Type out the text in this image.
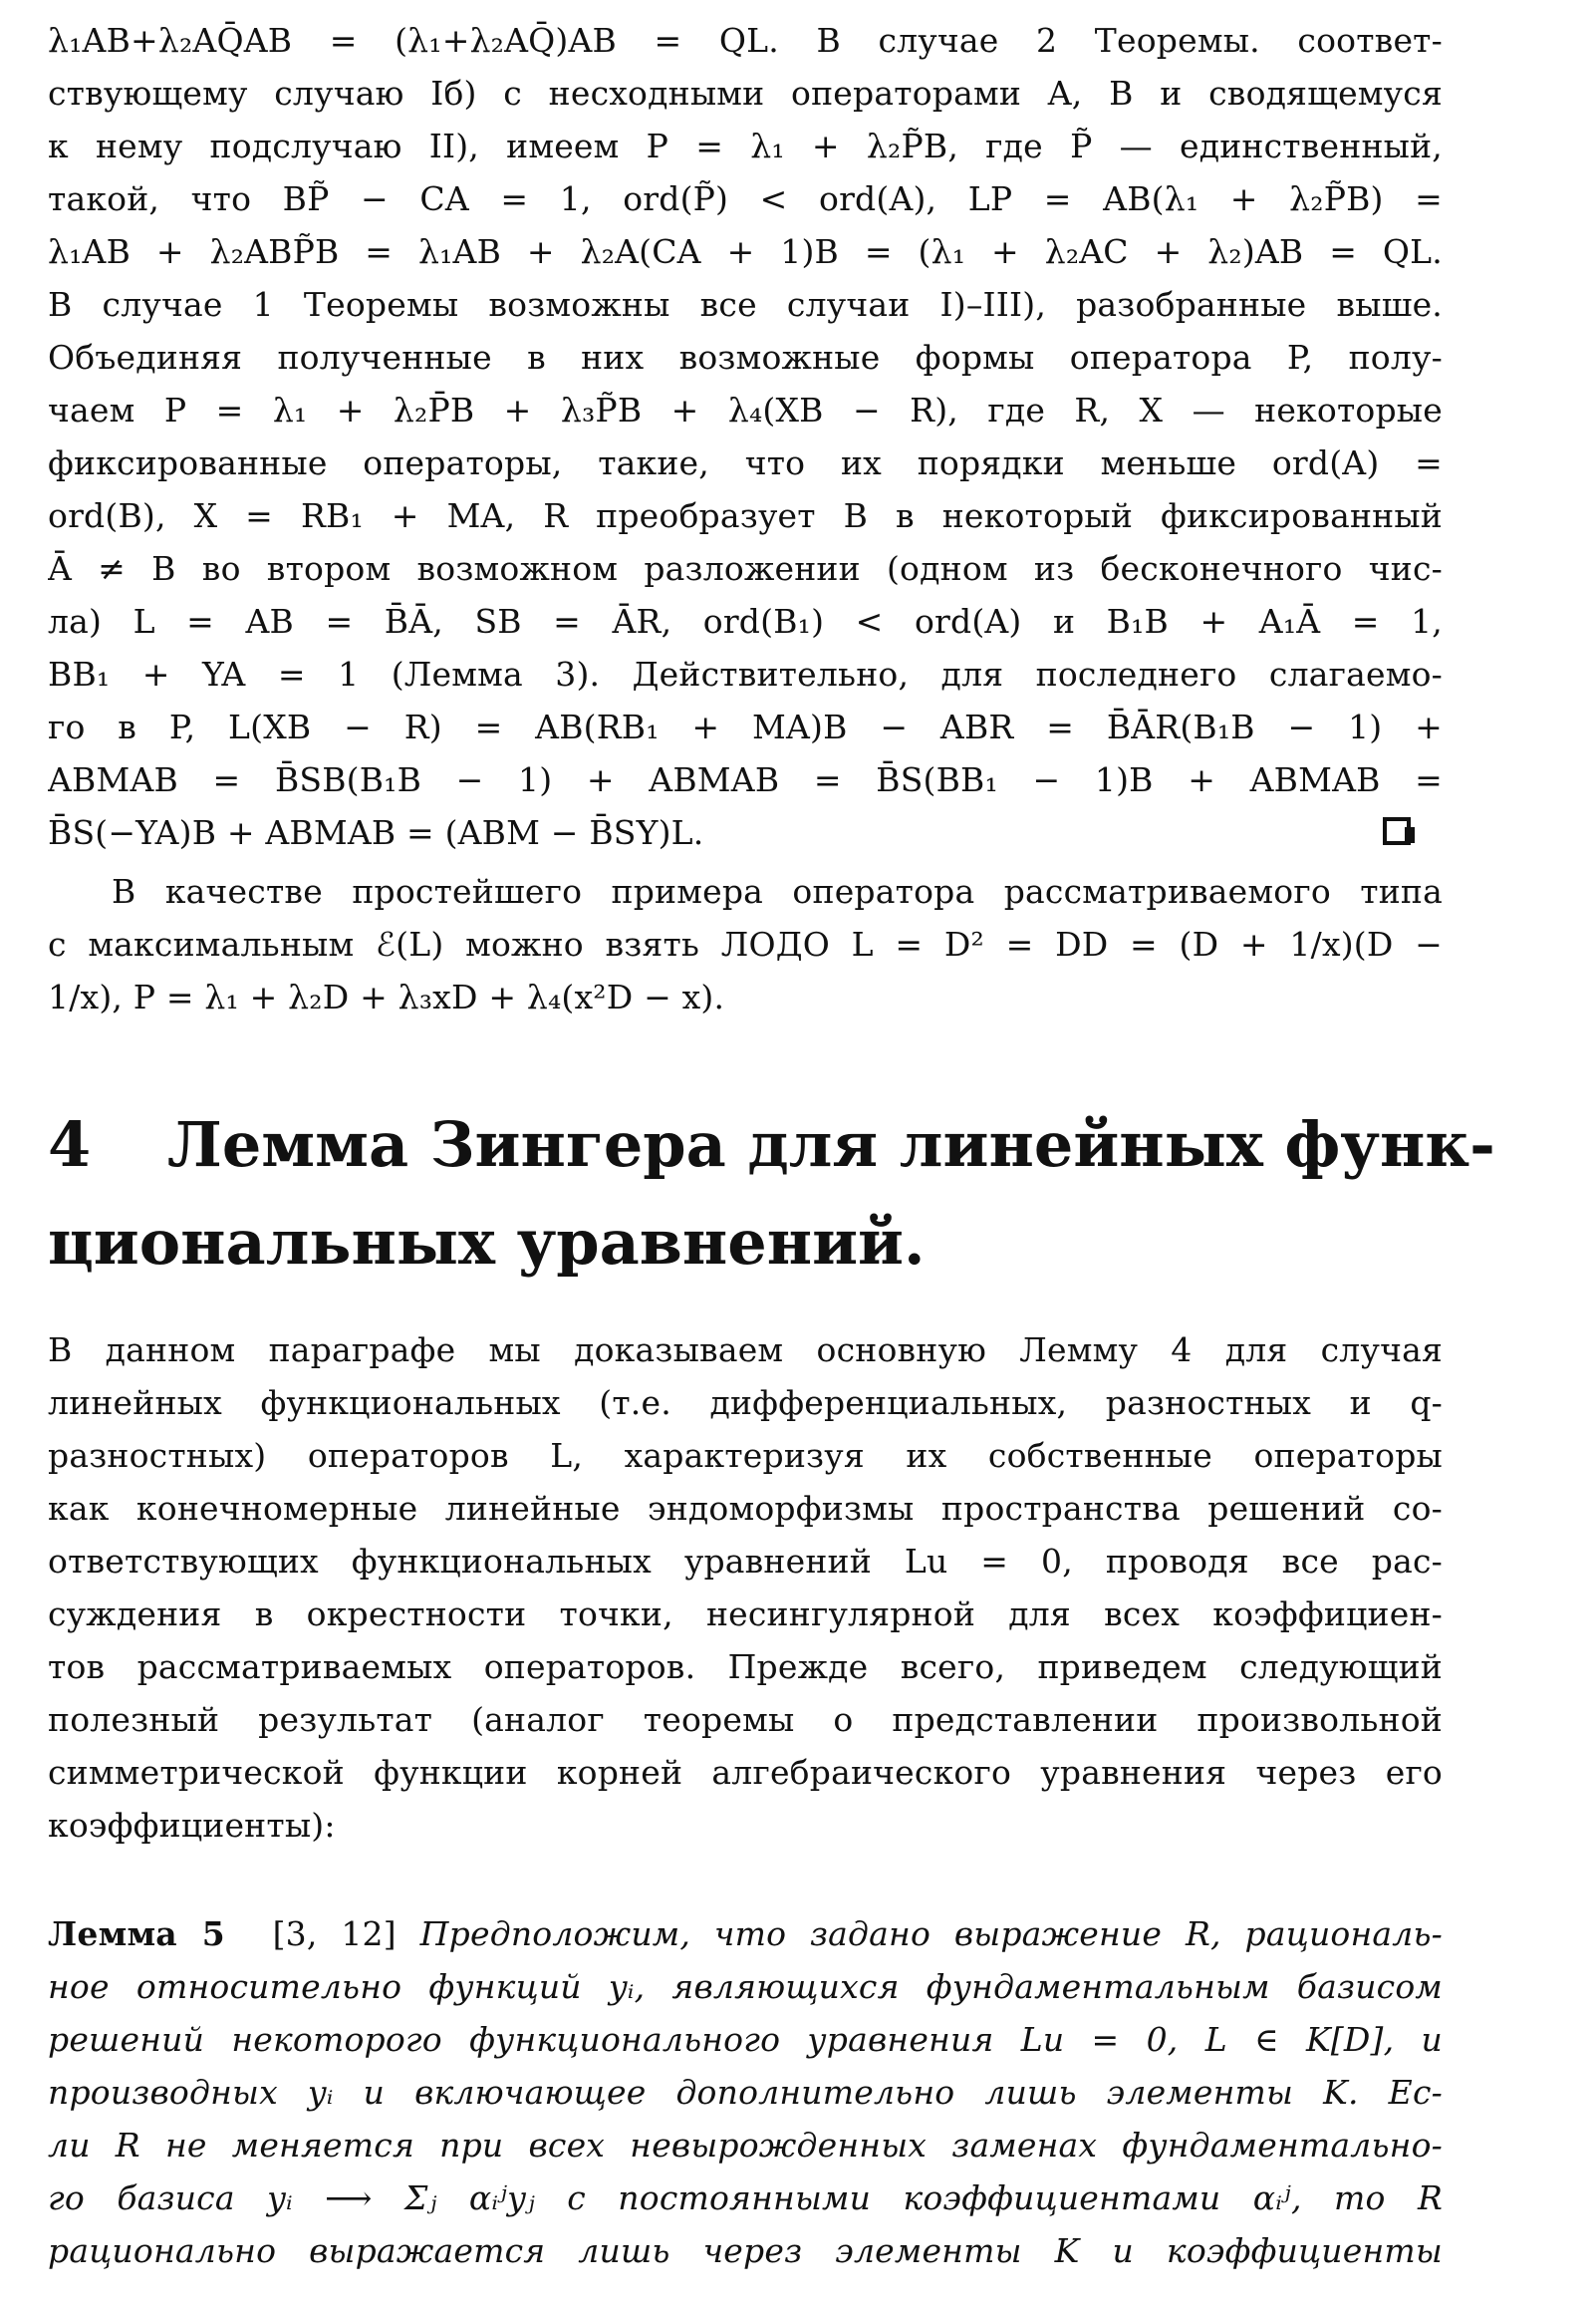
λ₁AB+λ₂AQ̄AB = (λ₁+λ₂AQ̄)AB = QL. В случае 2 Теоремы. соответ-
ствующему случаю Iб) с несходными операторами A, B и сводящемуся
к нему подслучаю II), имеем P = λ₁ + λ₂P̃B, где P̃ — единственный,
такой, что BP̃ − CA = 1, ord(P̃) < ord(A), LP = AB(λ₁ + λ₂P̃B) =
λ₁AB + λ₂ABP̃B = λ₁AB + λ₂A(CA + 1)B = (λ₁ + λ₂AC + λ₂)AB = QL.
В случае 1 Теоремы возможны все случаи I)–III), разобранные выше.
Объединяя полученные в них возможные формы оператора P, полу-
чаем P = λ₁ + λ₂P̄B + λ₃P̃B + λ₄(XB − R), где R, X — некоторые
фиксированные операторы, такие, что их порядки меньше ord(A) =
ord(B), X = RB₁ + MA, R преобразует B в некоторый фиксированный
Ā ≠ B во втором возможном разложении (одном из бесконечного чис-
ла) L = AB = B̄Ā, SB = ĀR, ord(B₁) < ord(A) и B₁B + A₁Ā = 1,
BB₁ + YA = 1 (Лемма 3). Действительно, для последнего слагаемо-
го в P, L(XB − R) = AB(RB₁ + MA)B − ABR = B̄ĀR(B₁B − 1) +
ABMAB = B̄SB(B₁B − 1) + ABMAB = B̄S(BB₁ − 1)B + ABMAB =
B̄S(−YA)B + ABMAB = (ABM − B̄SY)L.
В качестве простейшего примера оператора рассматриваемого типа
с максимальным ℰ(L) можно взять ЛОДО L = D² = DD = (D + 1/x)(D −
1/x), P = λ₁ + λ₂D + λ₃xD + λ₄(x²D − x).
4 Лемма Зингера для линейных функ-
циональных уравнений.
В данном параграфе мы доказываем основную Лемму 4 для случая
линейных функциональных (т.е. дифференциальных, разностных и q-
разностных) операторов L, характеризуя их собственные операторы
как конечномерные линейные эндоморфизмы пространства решений со-
ответствующих функциональных уравнений Lu = 0, проводя все рас-
суждения в окрестности точки, несингулярной для всех коэффициен-
тов рассматриваемых операторов. Прежде всего, приведем следующий
полезный результат (аналог теоремы о представлении произвольной
симметрической функции корней алгебраического уравнения через его
коэффициенты):
Лемма 5 [3, 12] Предположим, что задано выражение R, рациональ-
ное относительно функций yᵢ, являющихся фундаментальным базисом
решений некоторого функционального уравнения Lu = 0, L ∈ K[D], и
производных yᵢ и включающее дополнительно лишь элементы K. Ес-
ли R не меняется при всех невырожденных заменах фундаментально-
го базиса yᵢ ⟶ Σⱼ αᵢʲyⱼ с постоянными коэффициентами αᵢʲ, то R
рационально выражается лишь через элементы K и коэффициенты
